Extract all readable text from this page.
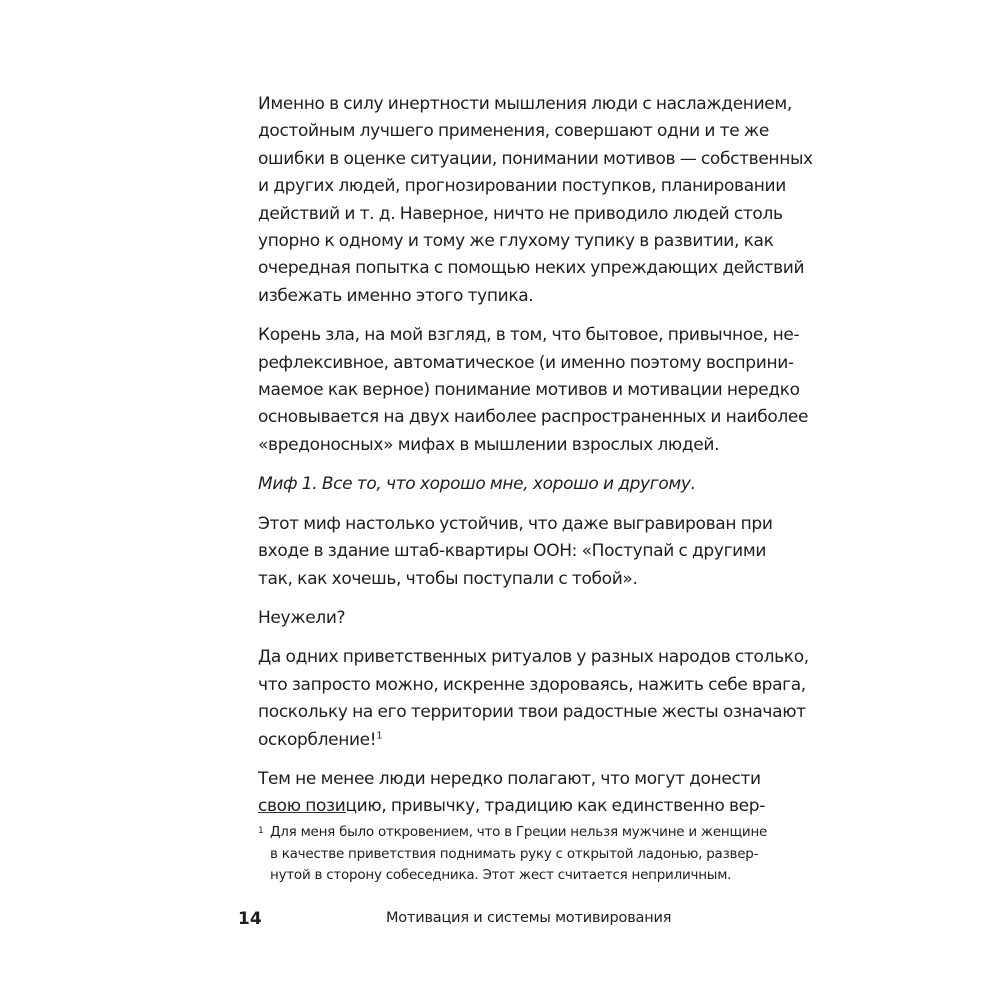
Именно в силу инертности мышления люди с наслаждением,
достойным лучшего применения, совершают одни и те же
ошибки в оценке ситуации, понимании мотивов — собственных
и других людей, прогнозировании поступков, планировании
действий и т. д. Наверное, ничто не приводило людей столь
упорно к одному и тому же глухому тупику в развитии, как
очередная попытка с помощью неких упреждающих действий
избежать именно этого тупика.
Корень зла, на мой взгляд, в том, что бытовое, привычное, не-
рефлексивное, автоматическое (и именно поэтому восприни-
маемое как верное) понимание мотивов и мотивации нередко
основывается на двух наиболее распространенных и наиболее
«вредоносных» мифах в мышлении взрослых людей.
Миф 1. Все то, что хорошо мне, хорошо и другому.
Этот миф настолько устойчив, что даже выгравирован при
входе в здание штаб-квартиры ООН: «Поступай с другими
так, как хочешь, чтобы поступали с тобой».
Неужели?
Да одних приветственных ритуалов у разных народов столько,
что запросто можно, искренне здороваясь, нажить себе врага,
поскольку на его территории твои радостные жесты означают
оскорбление!$^1$
Тем не менее люди нередко полагают, что могут донести
свою позицию, привычку, традицию как единственно вер-
1 Для меня было откровением, что в Греции нельзя мужчине и женщине
в качестве приветствия поднимать руку с открытой ладонью, развер-
нутой в сторону собеседника. Этот жест считается неприличным.
14	Мотивация и системы мотивирования
